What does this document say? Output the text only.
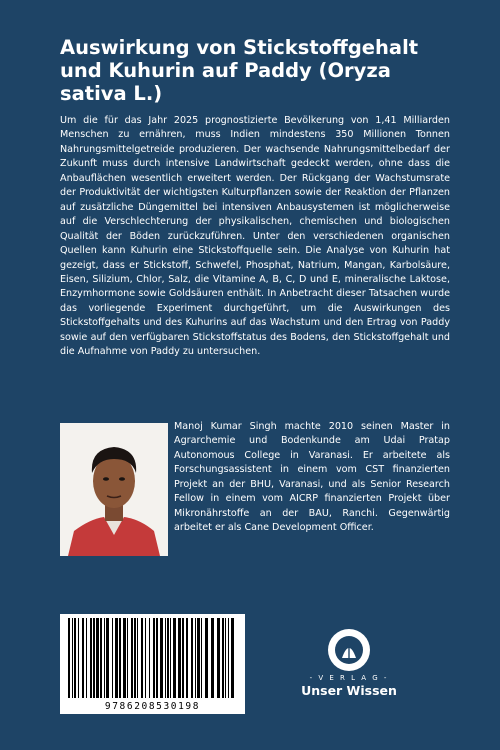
Auswirkung von Stickstoffgehalt und Kuhurin auf Paddy (Oryza sativa L.)

Um die für das Jahr 2025 prognostizierte Bevölkerung von 1,41 Milliarden Menschen zu ernähren, muss Indien mindestens 350 Millionen Tonnen Nahrungsmittelgetreide produzieren. Der wachsende Nahrungsmittelbedarf der Zukunft muss durch intensive Landwirtschaft gedeckt werden, ohne dass die Anbauflächen wesentlich erweitert werden. Der Rückgang der Wachstumsrate der Produktivität der wichtigsten Kulturpflanzen sowie der Reaktion der Pflanzen auf zusätzliche Düngemittel bei intensiven Anbausystemen ist möglicherweise auf die Verschlechterung der physikalischen, chemischen und biologischen Qualität der Böden zurückzuführen. Unter den verschiedenen organischen Quellen kann Kuhurin eine Stickstoffquelle sein. Die Analyse von Kuhurin hat gezeigt, dass er Stickstoff, Schwefel, Phosphat, Natrium, Mangan, Karbolsäure, Eisen, Silizium, Chlor, Salz, die Vitamine A, B, C, D und E, mineralische Laktose, Enzymhormone sowie Goldsäuren enthält. In Anbetracht dieser Tatsachen wurde das vorliegende Experiment durchgeführt, um die Auswirkungen des Stickstoffgehalts und des Kuhurins auf das Wachstum und den Ertrag von Paddy sowie auf den verfügbaren Stickstoffstatus des Bodens, den Stickstoffgehalt und die Aufnahme von Paddy zu untersuchen.

Manoj Kumar Singh machte 2010 seinen Master in Agrarchemie und Bodenkunde am Udai Pratap Autonomous College in Varanasi. Er arbeitete als Forschungsassistent in einem vom CST finanzierten Projekt an der BHU, Varanasi, und als Senior Research Fellow in einem vom AICRP finanzierten Projekt über Mikronährstoffe an der BAU, Ranchi. Gegenwärtig arbeitet er als Cane Development Officer.

9786208530198
- V E R L A G -
Unser Wissen
